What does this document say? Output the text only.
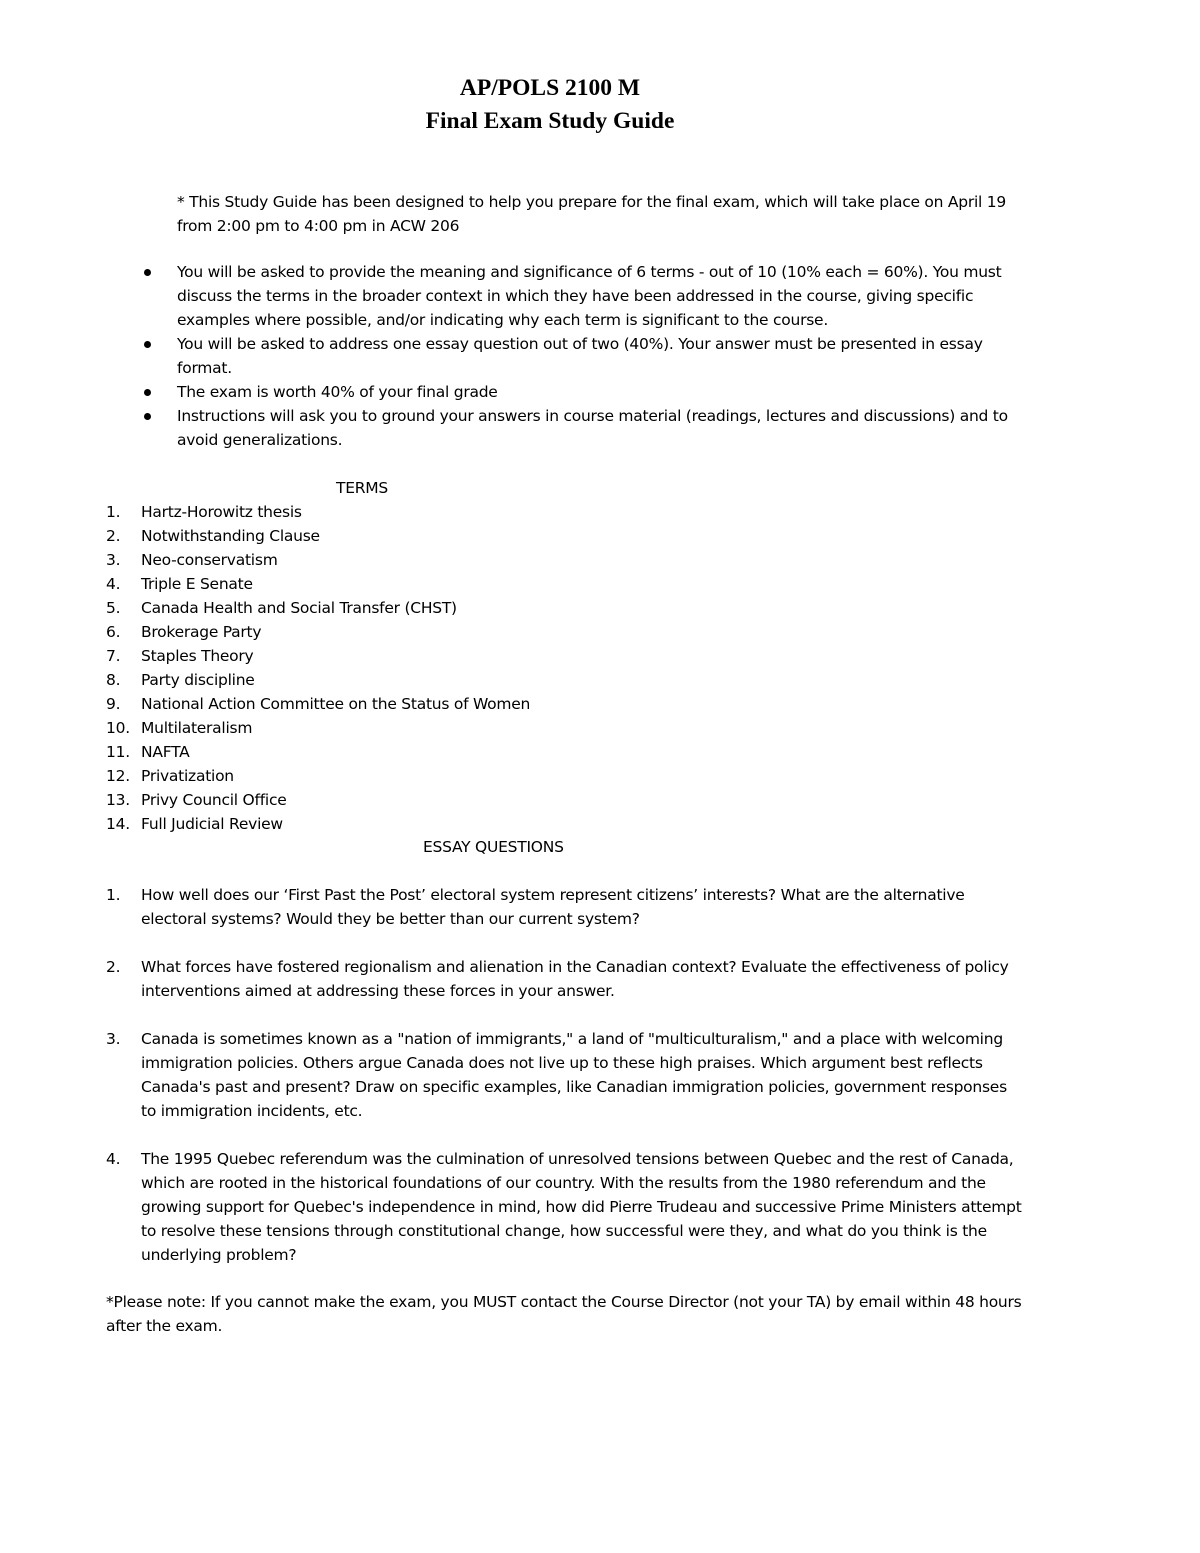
AP/POLS 2100 M
Final Exam Study Guide
* This Study Guide has been designed to help you prepare for the final exam, which will take place on April 19 from 2:00 pm to 4:00 pm in ACW 206
You will be asked to provide the meaning and significance of 6 terms - out of 10 (10% each = 60%). You must discuss the terms in the broader context in which they have been addressed in the course, giving specific examples where possible, and/or indicating why each term is significant to the course.
You will be asked to address one essay question out of two (40%). Your answer must be presented in essay format.
The exam is worth 40% of your final grade
Instructions will ask you to ground your answers in course material (readings, lectures and discussions) and to avoid generalizations.
TERMS
1. Hartz-Horowitz thesis
2. Notwithstanding Clause
3. Neo-conservatism
4. Triple E Senate
5. Canada Health and Social Transfer (CHST)
6. Brokerage Party
7. Staples Theory
8. Party discipline
9. National Action Committee on the Status of Women
10. Multilateralism
11. NAFTA
12. Privatization
13. Privy Council Office
14. Full Judicial Review
ESSAY QUESTIONS
1. How well does our ‘First Past the Post’ electoral system represent citizens’ interests? What are the alternative electoral systems? Would they be better than our current system?
2. What forces have fostered regionalism and alienation in the Canadian context? Evaluate the effectiveness of policy interventions aimed at addressing these forces in your answer.
3. Canada is sometimes known as a "nation of immigrants," a land of "multiculturalism," and a place with welcoming immigration policies. Others argue Canada does not live up to these high praises. Which argument best reflects Canada's past and present? Draw on specific examples, like Canadian immigration policies, government responses to immigration incidents, etc.
4. The 1995 Quebec referendum was the culmination of unresolved tensions between Quebec and the rest of Canada, which are rooted in the historical foundations of our country. With the results from the 1980 referendum and the growing support for Quebec's independence in mind, how did Pierre Trudeau and successive Prime Ministers attempt to resolve these tensions through constitutional change, how successful were they, and what do you think is the underlying problem?
*Please note: If you cannot make the exam, you MUST contact the Course Director (not your TA) by email within 48 hours after the exam.
